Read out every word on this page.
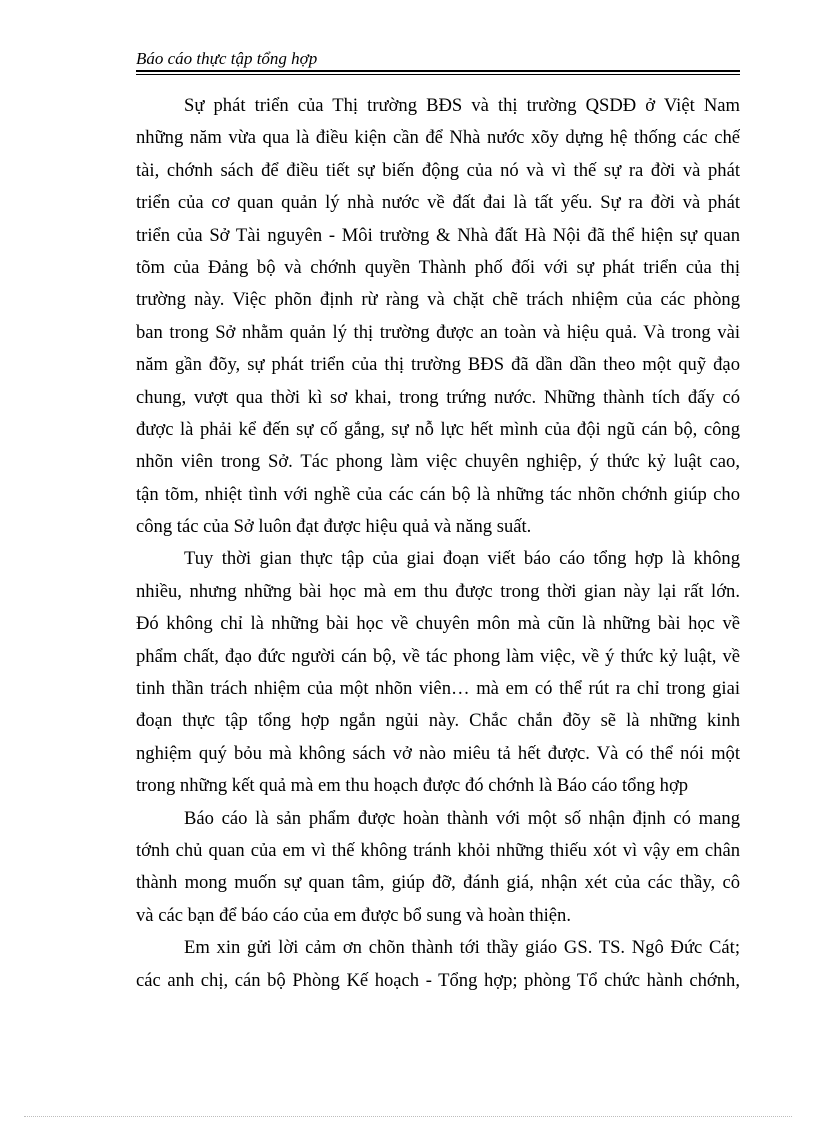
Báo cáo thực tập tổng hợp
Sự phát triển của Thị trường BĐS và thị trường QSDĐ ở Việt Nam
những năm vừa qua là điều kiện cần để Nhà nước xõy dựng hệ thống các chế
tài, chớnh sách để điều tiết sự biến động của nó và vì thế sự ra đời và phát
triển của cơ quan quản lý nhà nước về đất đai là tất yếu. Sự ra đời và phát
triển của Sở Tài nguyên - Môi trường & Nhà đất Hà Nội đã thể hiện sự quan
tõm của Đảng bộ và chớnh quyền Thành phố đối với sự phát triển của thị
trường này. Việc phõn định rừ ràng và chặt chẽ trách nhiệm của các phòng
ban trong Sở nhằm quản lý thị trường được an toàn và hiệu quả. Và trong vài
năm gần đõy, sự phát triển của thị trường BĐS đã dần dần theo một quỹ đạo
chung, vượt qua thời kì sơ khai, trong trứng nước. Những thành tích đấy có
được là phải kể đến sự cố gắng, sự nỗ lực hết mình của đội ngũ cán bộ, công
nhõn viên trong Sở. Tác phong làm việc chuyên nghiệp, ý thức kỷ luật cao,
tận tõm, nhiệt tình với nghề của các cán bộ là những tác nhõn chớnh giúp cho
công tác của Sở luôn đạt được hiệu quả và năng suất.
Tuy thời gian thực tập của giai đoạn viết báo cáo tổng hợp là không
nhiều, nhưng những bài học mà em thu được trong thời gian này lại rất lớn.
Đó không chỉ là những bài học về chuyên môn mà cũn là những bài học về
phẩm chất, đạo đức người cán bộ, về tác phong làm việc, về ý thức kỷ luật, về
tinh thần trách nhiệm của một nhõn viên… mà em có thể rút ra chỉ trong giai
đoạn thực tập tổng hợp ngắn ngủi này. Chắc chắn đõy sẽ là những kinh
nghiệm quý bỏu mà không sách vở nào miêu tả hết được. Và có thể nói một
trong những kết quả mà em thu hoạch được đó chớnh là Báo cáo tổng hợp
Báo cáo là sản phẩm được hoàn thành với một số nhận định có mang
tớnh chủ quan của em vì thế không tránh khỏi những thiếu xót vì vậy em chân
thành mong muốn sự quan tâm, giúp đỡ, đánh giá, nhận xét của các thầy, cô
và các bạn để báo cáo của em được bổ sung và hoàn thiện.
Em xin gửi lời cảm ơn chõn thành tới thầy giáo GS. TS. Ngô Đức Cát;
các anh chị, cán bộ Phòng Kế hoạch - Tổng hợp; phòng Tổ chức hành chớnh,
